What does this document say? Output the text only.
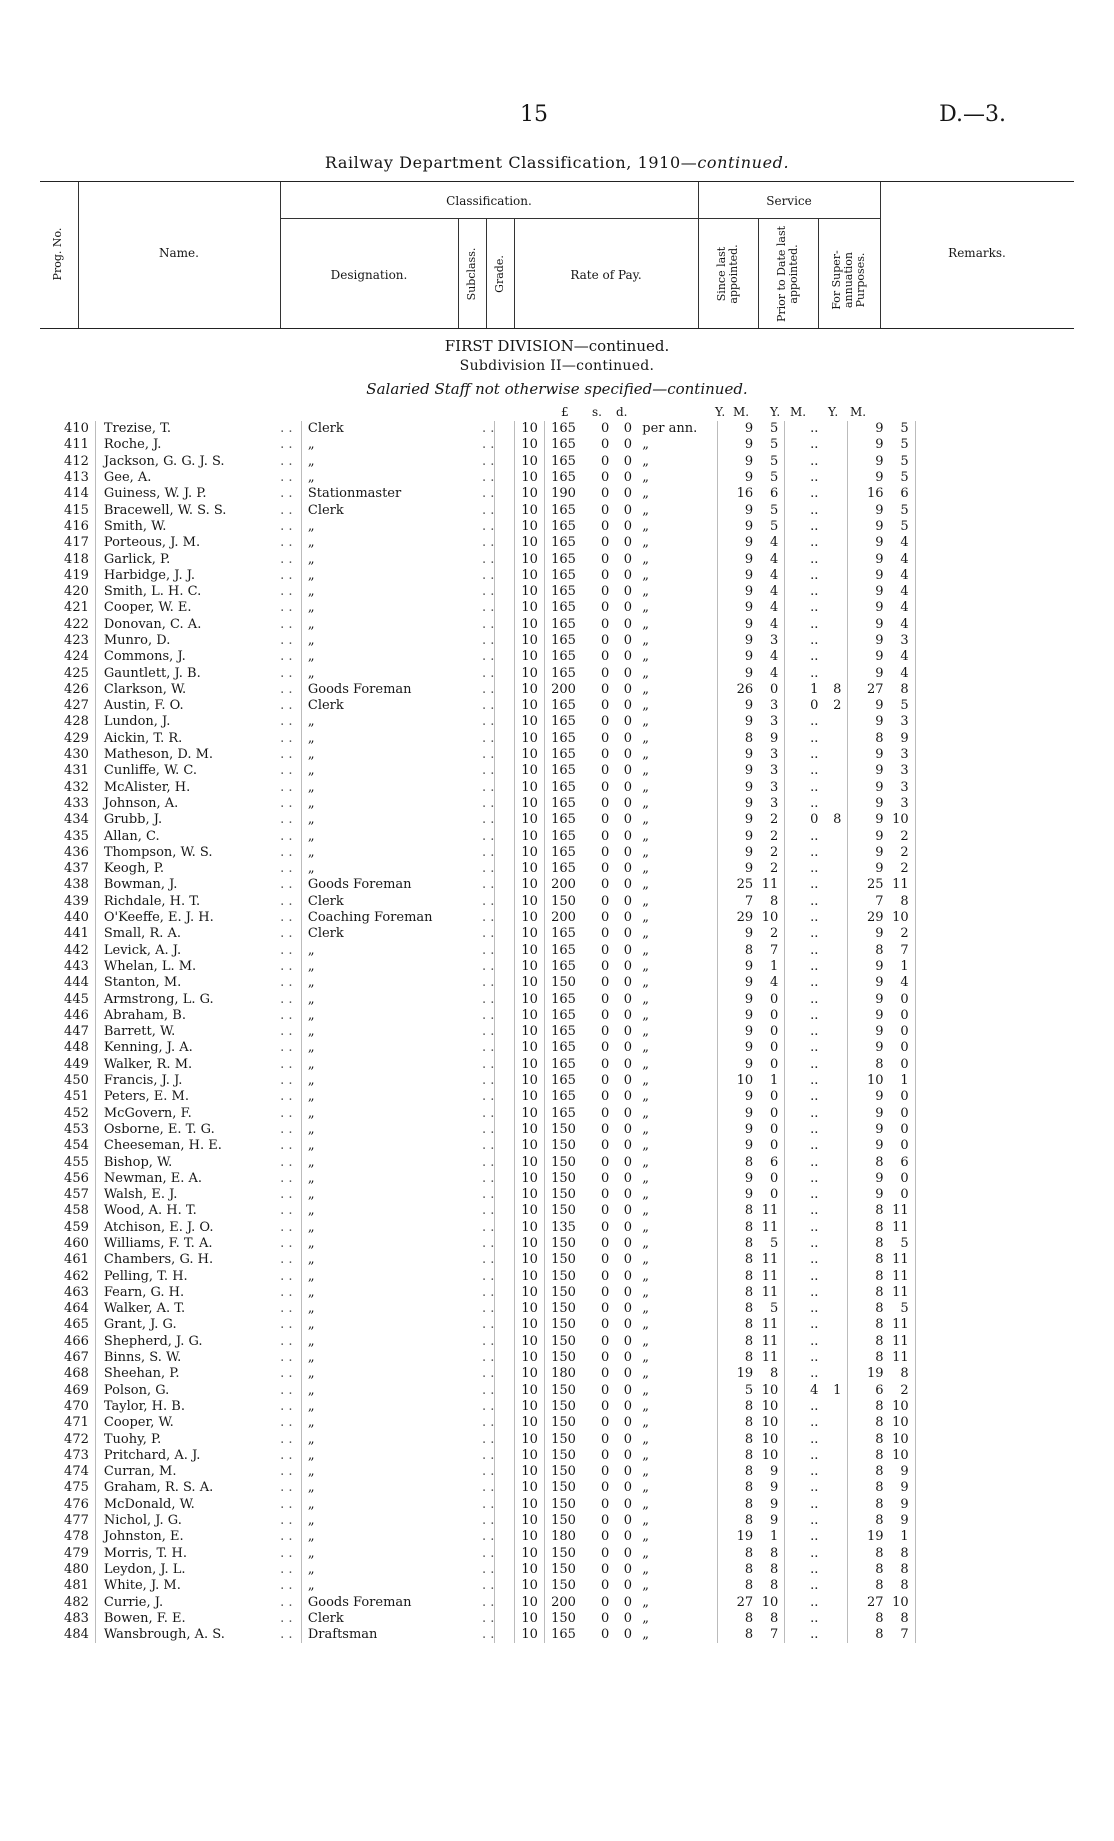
15	D.—3.
Railway Department Classification, 1910—continued.
Prog. No.	Name.
Classification.
Designation.	Subclass. Grade.	Rate of Pay.
Service
Since last appointed.	Prior to Date last appointed.	For Super-annuation Purposes.	Remarks.
FIRST DIVISION—continued.
Subdivision II—continued.
Salaried Staff not otherwise specified—continued.
£ s. d.	Y. M. Y. M. Y. M.
410	Trezise, T.	. .	Clerk	. .		10	165	0	0	per ann.	9	5	..		9	5	
411	Roche, J.	. .	„	. .		10	165	0	0	„	9	5	..		9	5	
412	Jackson, G. G. J. S.	. .	„	. .		10	165	0	0	„	9	5	..		9	5	
413	Gee, A.	. .	„	. .		10	165	0	0	„	9	5	..		9	5	
414	Guiness, W. J. P.	. .	Stationmaster	. .		10	190	0	0	„	16	6	..		16	6	
415	Bracewell, W. S. S.	. .	Clerk	. .		10	165	0	0	„	9	5	..		9	5	
416	Smith, W.	. .	„	. .		10	165	0	0	„	9	5	..		9	5	
417	Porteous, J. M.	. .	„	. .		10	165	0	0	„	9	4	..		9	4	
418	Garlick, P.	. .	„	. .		10	165	0	0	„	9	4	..		9	4	
419	Harbidge, J. J.	. .	„	. .		10	165	0	0	„	9	4	..		9	4	
420	Smith, L. H. C.	. .	„	. .		10	165	0	0	„	9	4	..		9	4	
421	Cooper, W. E.	. .	„	. .		10	165	0	0	„	9	4	..		9	4	
422	Donovan, C. A.	. .	„	. .		10	165	0	0	„	9	4	..		9	4	
423	Munro, D.	. .	„	. .		10	165	0	0	„	9	3	..		9	3	
424	Commons, J.	. .	„	. .		10	165	0	0	„	9	4	..		9	4	
425	Gauntlett, J. B.	. .	„	. .		10	165	0	0	„	9	4	..		9	4	
426	Clarkson, W.	. .	Goods Foreman	. .		10	200	0	0	„	26	0	1	8	27	8	
427	Austin, F. O.	. .	Clerk	. .		10	165	0	0	„	9	3	0	2	9	5	
428	Lundon, J.	. .	„	. .		10	165	0	0	„	9	3	..		9	3	
429	Aickin, T. R.	. .	„	. .		10	165	0	0	„	8	9	..		8	9	
430	Matheson, D. M.	. .	„	. .		10	165	0	0	„	9	3	..		9	3	
431	Cunliffe, W. C.	. .	„	. .		10	165	0	0	„	9	3	..		9	3	
432	McAlister, H.	. .	„	. .		10	165	0	0	„	9	3	..		9	3	
433	Johnson, A.	. .	„	. .		10	165	0	0	„	9	3	..		9	3	
434	Grubb, J.	. .	„	. .		10	165	0	0	„	9	2	0	8	9	10	
435	Allan, C.	. .	„	. .		10	165	0	0	„	9	2	..		9	2	
436	Thompson, W. S.	. .	„	. .		10	165	0	0	„	9	2	..		9	2	
437	Keogh, P.	. .	„	. .		10	165	0	0	„	9	2	..		9	2	
438	Bowman, J.	. .	Goods Foreman	. .		10	200	0	0	„	25	11	..		25	11	
439	Richdale, H. T.	. .	Clerk	. .		10	150	0	0	„	7	8	..		7	8	
440	O'Keeffe, E. J. H.	. .	Coaching Foreman	. .		10	200	0	0	„	29	10	..		29	10	
441	Small, R. A.	. .	Clerk	. .		10	165	0	0	„	9	2	..		9	2	
442	Levick, A. J.	. .	„	. .		10	165	0	0	„	8	7	..		8	7	
443	Whelan, L. M.	. .	„	. .		10	165	0	0	„	9	1	..		9	1	
444	Stanton, M.	. .	„	. .		10	150	0	0	„	9	4	..		9	4	
445	Armstrong, L. G.	. .	„	. .		10	165	0	0	„	9	0	..		9	0	
446	Abraham, B.	. .	„	. .		10	165	0	0	„	9	0	..		9	0	
447	Barrett, W.	. .	„	. .		10	165	0	0	„	9	0	..		9	0	
448	Kenning, J. A.	. .	„	. .		10	165	0	0	„	9	0	..		9	0	
449	Walker, R. M.	. .	„	. .		10	165	0	0	„	9	0	..		8	0	
450	Francis, J. J.	. .	„	. .		10	165	0	0	„	10	1	..		10	1	
451	Peters, E. M.	. .	„	. .		10	165	0	0	„	9	0	..		9	0	
452	McGovern, F.	. .	„	. .		10	165	0	0	„	9	0	..		9	0	
453	Osborne, E. T. G.	. .	„	. .		10	150	0	0	„	9	0	..		9	0	
454	Cheeseman, H. E.	. .	„	. .		10	150	0	0	„	9	0	..		9	0	
455	Bishop, W.	. .	„	. .		10	150	0	0	„	8	6	..		8	6	
456	Newman, E. A.	. .	„	. .		10	150	0	0	„	9	0	..		9	0	
457	Walsh, E. J.	. .	„	. .		10	150	0	0	„	9	0	..		9	0	
458	Wood, A. H. T.	. .	„	. .		10	150	0	0	„	8	11	..		8	11	
459	Atchison, E. J. O.	. .	„	. .		10	135	0	0	„	8	11	..		8	11	
460	Williams, F. T. A.	. .	„	. .		10	150	0	0	„	8	5	..		8	5	
461	Chambers, G. H.	. .	„	. .		10	150	0	0	„	8	11	..		8	11	
462	Pelling, T. H.	. .	„	. .		10	150	0	0	„	8	11	..		8	11	
463	Fearn, G. H.	. .	„	. .		10	150	0	0	„	8	11	..		8	11	
464	Walker, A. T.	. .	„	. .		10	150	0	0	„	8	5	..		8	5	
465	Grant, J. G.	. .	„	. .		10	150	0	0	„	8	11	..		8	11	
466	Shepherd, J. G.	. .	„	. .		10	150	0	0	„	8	11	..		8	11	
467	Binns, S. W.	. .	„	. .		10	150	0	0	„	8	11	..		8	11	
468	Sheehan, P.	. .	„	. .		10	180	0	0	„	19	8	..		19	8	
469	Polson, G.	. .	„	. .		10	150	0	0	„	5	10	4	1	6	2	
470	Taylor, H. B.	. .	„	. .		10	150	0	0	„	8	10	..		8	10	
471	Cooper, W.	. .	„	. .		10	150	0	0	„	8	10	..		8	10	
472	Tuohy, P.	. .	„	. .		10	150	0	0	„	8	10	..		8	10	
473	Pritchard, A. J.	. .	„	. .		10	150	0	0	„	8	10	..		8	10	
474	Curran, M.	. .	„	. .		10	150	0	0	„	8	9	..		8	9	
475	Graham, R. S. A.	. .	„	. .		10	150	0	0	„	8	9	..		8	9	
476	McDonald, W.	. .	„	. .		10	150	0	0	„	8	9	..		8	9	
477	Nichol, J. G.	. .	„	. .		10	150	0	0	„	8	9	..		8	9	
478	Johnston, E.	. .	„	. .		10	180	0	0	„	19	1	..		19	1	
479	Morris, T. H.	. .	„	. .		10	150	0	0	„	8	8	..		8	8	
480	Leydon, J. L.	. .	„	. .		10	150	0	0	„	8	8	..		8	8	
481	White, J. M.	. .	„	. .		10	150	0	0	„	8	8	..		8	8	
482	Currie, J.	. .	Goods Foreman	. .		10	200	0	0	„	27	10	..		27	10	
483	Bowen, F. E.	. .	Clerk	. .		10	150	0	0	„	8	8	..		8	8	
484	Wansbrough, A. S.	. .	Draftsman	. .		10	165	0	0	„	8	7	..		8	7	
